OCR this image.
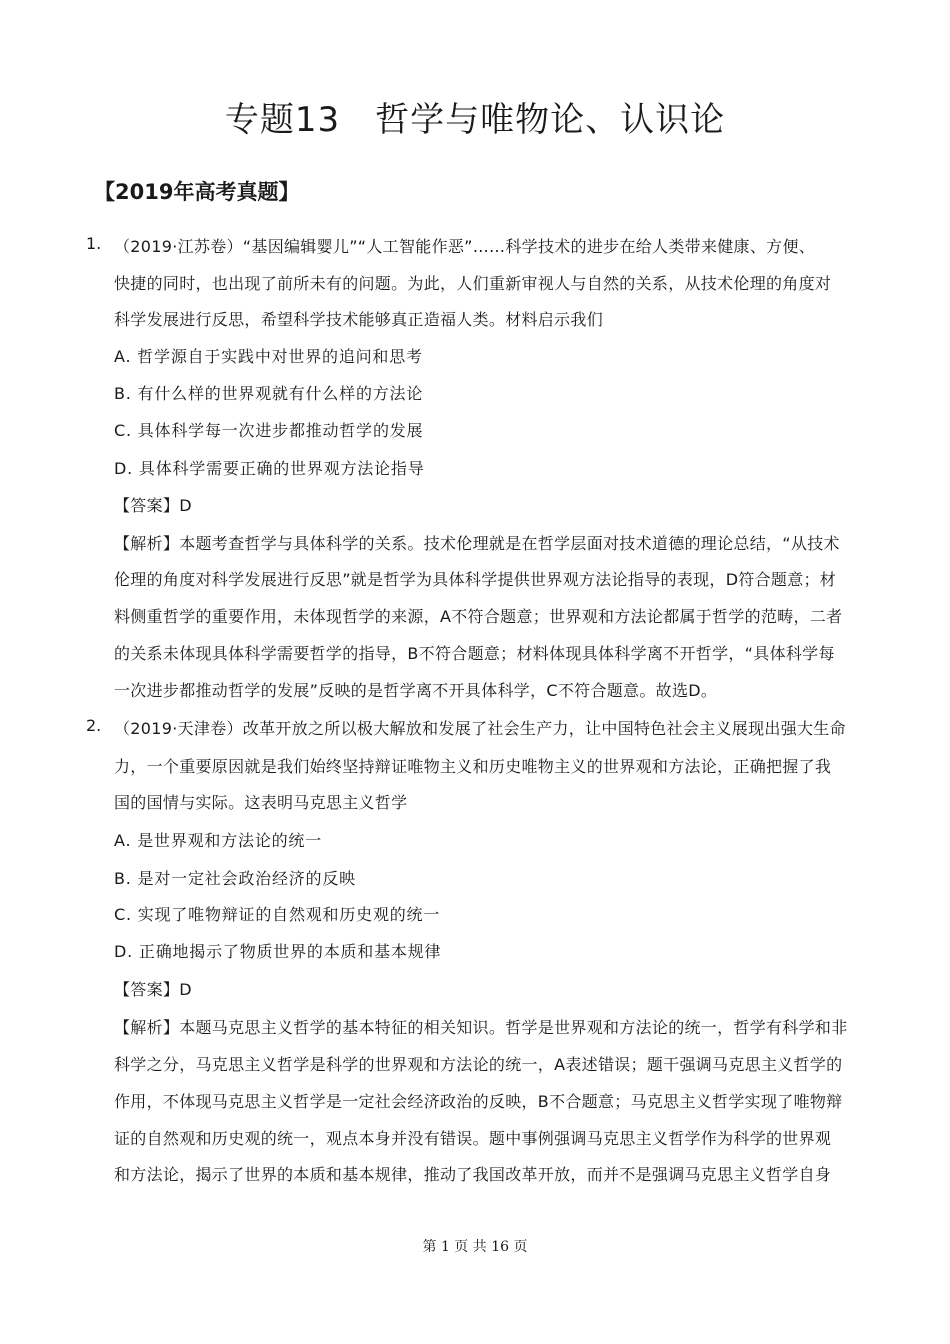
专题13　哲学与唯物论、认识论
【2019年高考真题】
1. （2019·江苏卷）“基因编辑婴儿”“人工智能作恶”……科学技术的进步在给人类带来健康、方便、
快捷的同时，也出现了前所未有的问题。为此，人们重新审视人与自然的关系，从技术伦理的角度对
科学发展进行反思，希望科学技术能够真正造福人类。材料启示我们
A. 哲学源自于实践中对世界的追问和思考
B. 有什么样的世界观就有什么样的方法论
C. 具体科学每一次进步都推动哲学的发展
D. 具体科学需要正确的世界观方法论指导
【答案】D
【解析】本题考查哲学与具体科学的关系。技术伦理就是在哲学层面对技术道德的理论总结，“从技术
伦理的角度对科学发展进行反思”就是哲学为具体科学提供世界观方法论指导的表现，D符合题意；材
料侧重哲学的重要作用，未体现哲学的来源，A不符合题意；世界观和方法论都属于哲学的范畴，二者
的关系未体现具体科学需要哲学的指导，B不符合题意；材料体现具体科学离不开哲学，“具体科学每
一次进步都推动哲学的发展”反映的是哲学离不开具体科学，C不符合题意。故选D。
2. （2019·天津卷）改革开放之所以极大解放和发展了社会生产力，让中国特色社会主义展现出强大生命
力，一个重要原因就是我们始终坚持辩证唯物主义和历史唯物主义的世界观和方法论，正确把握了我
国的国情与实际。这表明马克思主义哲学
A. 是世界观和方法论的统一
B. 是对一定社会政治经济的反映
C. 实现了唯物辩证的自然观和历史观的统一
D. 正确地揭示了物质世界的本质和基本规律
【答案】D
【解析】本题马克思主义哲学的基本特征的相关知识。哲学是世界观和方法论的统一，哲学有科学和非
科学之分，马克思主义哲学是科学的世界观和方法论的统一，A表述错误；题干强调马克思主义哲学的
作用，不体现马克思主义哲学是一定社会经济政治的反映，B不合题意；马克思主义哲学实现了唯物辩
证的自然观和历史观的统一，观点本身并没有错误。题中事例强调马克思主义哲学作为科学的世界观
和方法论，揭示了世界的本质和基本规律，推动了我国改革开放，而并不是强调马克思主义哲学自身
第 1 页 共 16 页
